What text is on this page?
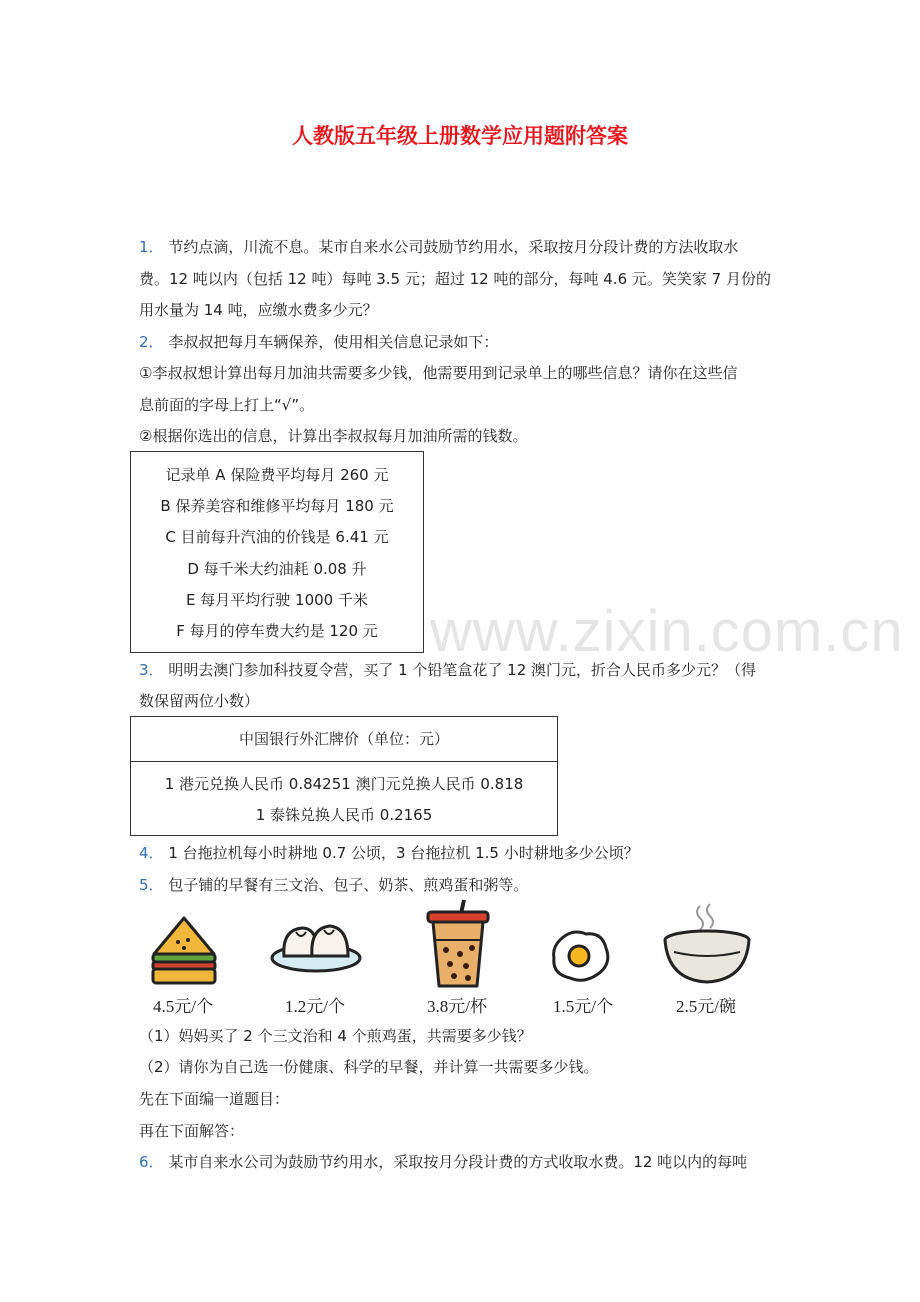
人教版五年级上册数学应用题附答案
1． 节约点滴，川流不息。某市自来水公司鼓励节约用水，采取按月分段计费的方法收取水
费。12 吨以内（包括 12 吨）每吨 3.5 元；超过 12 吨的部分，每吨 4.6 元。笑笑家 7 月份的
用水量为 14 吨，应缴水费多少元？
2． 李叔叔把每月车辆保养，使用相关信息记录如下：
①李叔叔想计算出每月加油共需要多少钱，他需要用到记录单上的哪些信息？请你在这些信
息前面的字母上打上“√”。
②根据你选出的信息，计算出李叔叔每月加油所需的钱数。
记录单 A 保险费平均每月 260 元
B 保养美容和维修平均每月 180 元
C 目前每升汽油的价钱是 6.41 元
D 每千米大约油耗 0.08 升
E 每月平均行驶 1000 千米
F 每月的停车费大约是 120 元 www.zixin.com.cn
3． 明明去澳门参加科技夏令营，买了 1 个铅笔盒花了 12 澳门元，折合人民币多少元？（得
数保留两位小数）
中国银行外汇牌价（单位：元）
1 港元兑换人民币 0.84251 澳门元兑换人民币 0.818
1 泰铢兑换人民币 0.2165
4． 1 台拖拉机每小时耕地 0.7 公顷，3 台拖拉机 1.5 小时耕地多少公顷？
5． 包子铺的早餐有三文治、包子、奶茶、煎鸡蛋和粥等。
4.5元/个	1.2元/个	3.8元/杯	1.5元/个	2.5元/碗
（1）妈妈买了 2 个三文治和 4 个煎鸡蛋，共需要多少钱？
（2）请你为自己选一份健康、科学的早餐，并计算一共需要多少钱。
先在下面编一道题目：
再在下面解答：
6． 某市自来水公司为鼓励节约用水，采取按月分段计费的方式收取水费。12 吨以内的每吨
